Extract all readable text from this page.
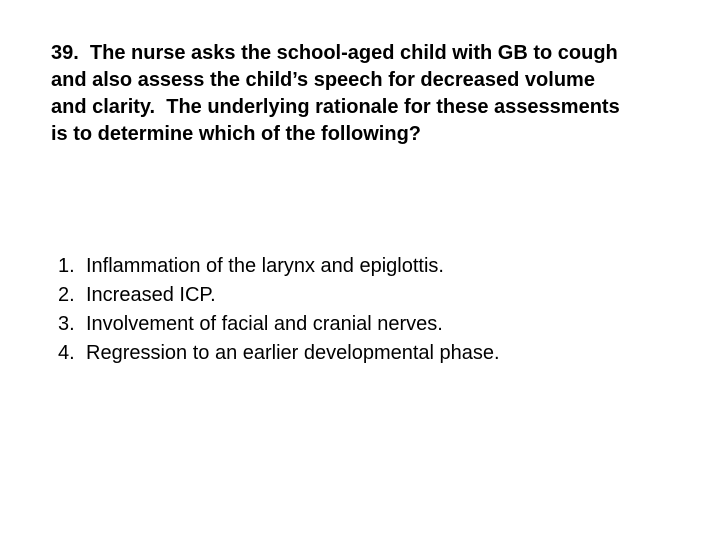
39.  The nurse asks the school-aged child with GB to cough and also assess the child’s speech for decreased volume and clarity.  The underlying rationale for these assessments is to determine which of the following?
1. Inflammation of the larynx and epiglottis.
2. Increased ICP.
3. Involvement of facial and cranial nerves.
4. Regression to an earlier developmental phase.
